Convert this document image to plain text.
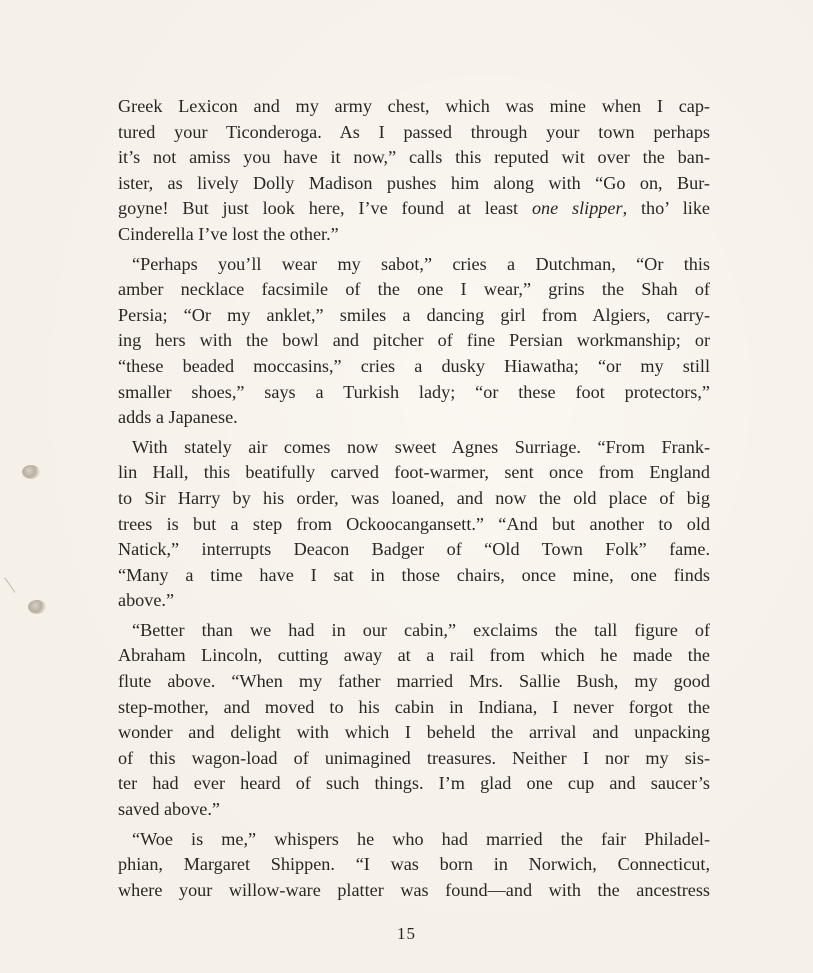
Greek Lexicon and my army chest, which was mine when I cap-
tured your Ticonderoga. As I passed through your town perhaps
it’s not amiss you have it now,” calls this reputed wit over the ban-
ister, as lively Dolly Madison pushes him along with “Go on, Bur-
goyne! But just look here, I’ve found at least one slipper, tho’ like
Cinderella I’ve lost the other.”

“Perhaps you’ll wear my sabot,” cries a Dutchman, “Or this
amber necklace facsimile of the one I wear,” grins the Shah of
Persia; “Or my anklet,” smiles a dancing girl from Algiers, carry-
ing hers with the bowl and pitcher of fine Persian workmanship; or
“these beaded moccasins,” cries a dusky Hiawatha; “or my still
smaller shoes,” says a Turkish lady; “or these foot protectors,”
adds a Japanese.

With stately air comes now sweet Agnes Surriage. “From Frank-
lin Hall, this beatifully carved foot-warmer, sent once from England
to Sir Harry by his order, was loaned, and now the old place of big
trees is but a step from Ockoocangansett.” “And but another to old
Natick,” interrupts Deacon Badger of “Old Town Folk” fame.
“Many a time have I sat in those chairs, once mine, one finds
above.”

“Better than we had in our cabin,” exclaims the tall figure of
Abraham Lincoln, cutting away at a rail from which he made the
flute above. “When my father married Mrs. Sallie Bush, my good
step-mother, and moved to his cabin in Indiana, I never forgot the
wonder and delight with which I beheld the arrival and unpacking
of this wagon-load of unimagined treasures. Neither I nor my sis-
ter had ever heard of such things. I’m glad one cup and saucer’s
saved above.”

“Woe is me,” whispers he who had married the fair Philadel-
phian, Margaret Shippen. “I was born in Norwich, Connecticut,
where your willow-ware platter was found—and with the ancestress

15
